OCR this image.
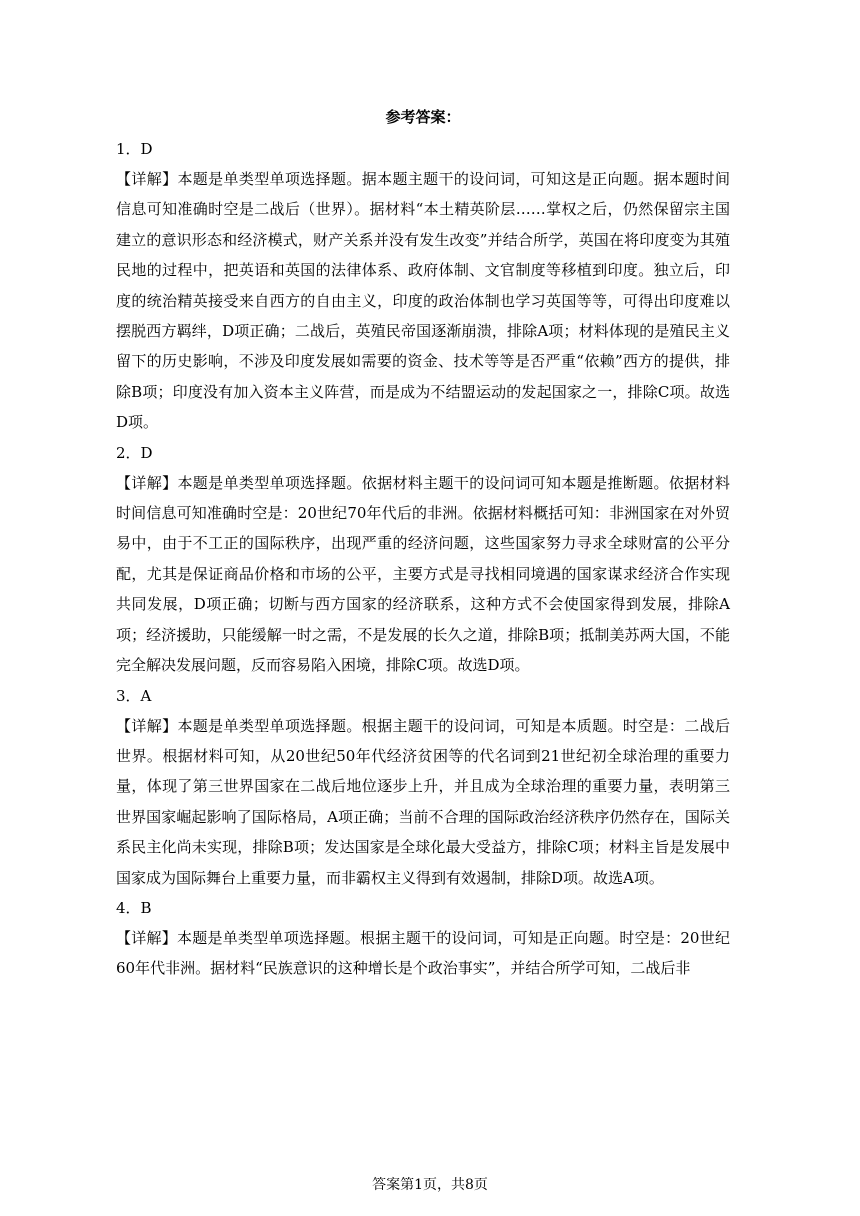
参考答案：
1．D

【详解】本题是单类型单项选择题。据本题主题干的设问词，可知这是正向题。据本题时间信息可知准确时空是二战后（世界）。据材料“本土精英阶层……掌权之后，仍然保留宗主国建立的意识形态和经济模式，财产关系并没有发生改变”并结合所学，英国在将印度变为其殖民地的过程中，把英语和英国的法律体系、政府体制、文官制度等移植到印度。独立后，印度的统治精英接受来自西方的自由主义，印度的政治体制也学习英国等等，可得出印度难以摆脱西方羁绊，D项正确；二战后，英殖民帝国逐渐崩溃，排除A项；材料体现的是殖民主义留下的历史影响，不涉及印度发展如需要的资金、技术等等是否严重“依赖”西方的提供，排除B项；印度没有加入资本主义阵营，而是成为不结盟运动的发起国家之一，排除C项。故选D项。

2．D

【详解】本题是单类型单项选择题。依据材料主题干的设问词可知本题是推断题。依据材料时间信息可知准确时空是：20世纪70年代后的非洲。依据材料概括可知：非洲国家在对外贸易中，由于不工正的国际秩序，出现严重的经济问题，这些国家努力寻求全球财富的公平分配，尤其是保证商品价格和市场的公平，主要方式是寻找相同境遇的国家谋求经济合作实现共同发展，D项正确；切断与西方国家的经济联系，这种方式不会使国家得到发展，排除A项；经济援助，只能缓解一时之需，不是发展的长久之道，排除B项；抵制美苏两大国，不能完全解决发展问题，反而容易陷入困境，排除C项。故选D项。

3．A

【详解】本题是单类型单项选择题。根据主题干的设问词，可知是本质题。时空是：二战后世界。根据材料可知，从20世纪50年代经济贫困等的代名词到21世纪初全球治理的重要力量，体现了第三世界国家在二战后地位逐步上升，并且成为全球治理的重要力量，表明第三世界国家崛起影响了国际格局，A项正确；当前不合理的国际政治经济秩序仍然存在，国际关系民主化尚未实现，排除B项；发达国家是全球化最大受益方，排除C项；材料主旨是发展中国家成为国际舞台上重要力量，而非霸权主义得到有效遏制，排除D项。故选A项。

4．B

【详解】本题是单类型单项选择题。根据主题干的设问词，可知是正向题。时空是：20世纪60年代非洲。据材料“民族意识的这种增长是个政治事实”，并结合所学可知，二战后非

答案第1页，共8页
